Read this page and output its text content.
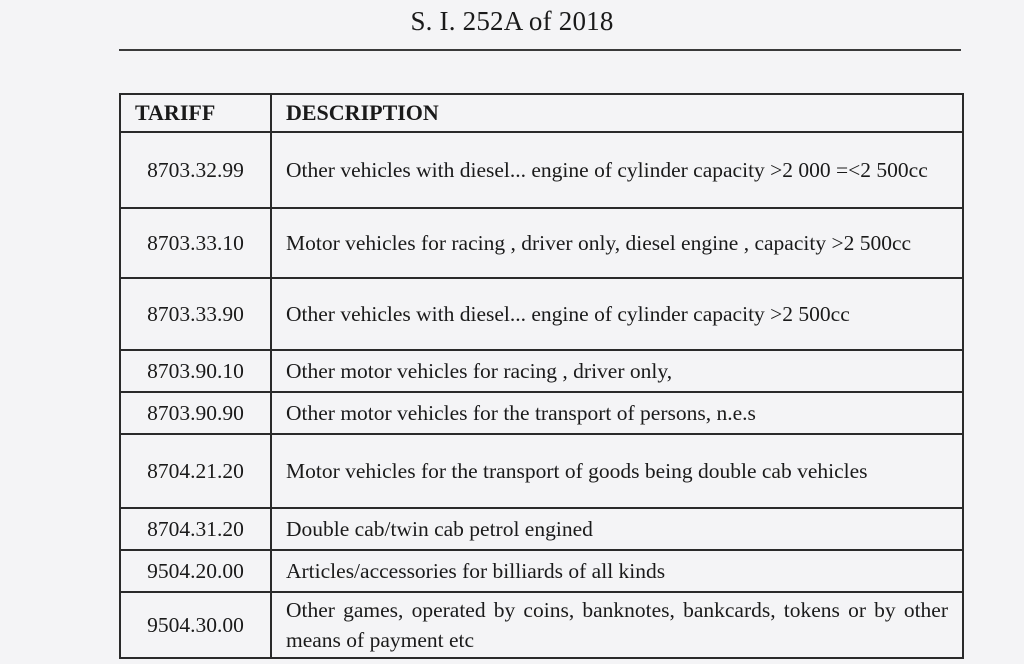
S. I. 252A of 2018
TARIFF	DESCRIPTION
8703.32.99	Other vehicles with diesel... engine of cylinder capacity >2 000 =<2 500cc
8703.33.10	Motor vehicles for racing , driver only, diesel engine , capacity >2 500cc
8703.33.90	Other vehicles with diesel... engine of cylinder capacity >2 500cc
8703.90.10	Other motor vehicles for racing , driver only,
8703.90.90	Other motor vehicles for the transport of persons, n.e.s
8704.21.20	Motor vehicles for the transport of goods being double cab vehicles
8704.31.20	Double cab/twin cab petrol engined
9504.20.00	Articles/accessories for billiards of all kinds
9504.30.00	Other games, operated by coins, banknotes, bankcards, tokens or by other means of payment etc
